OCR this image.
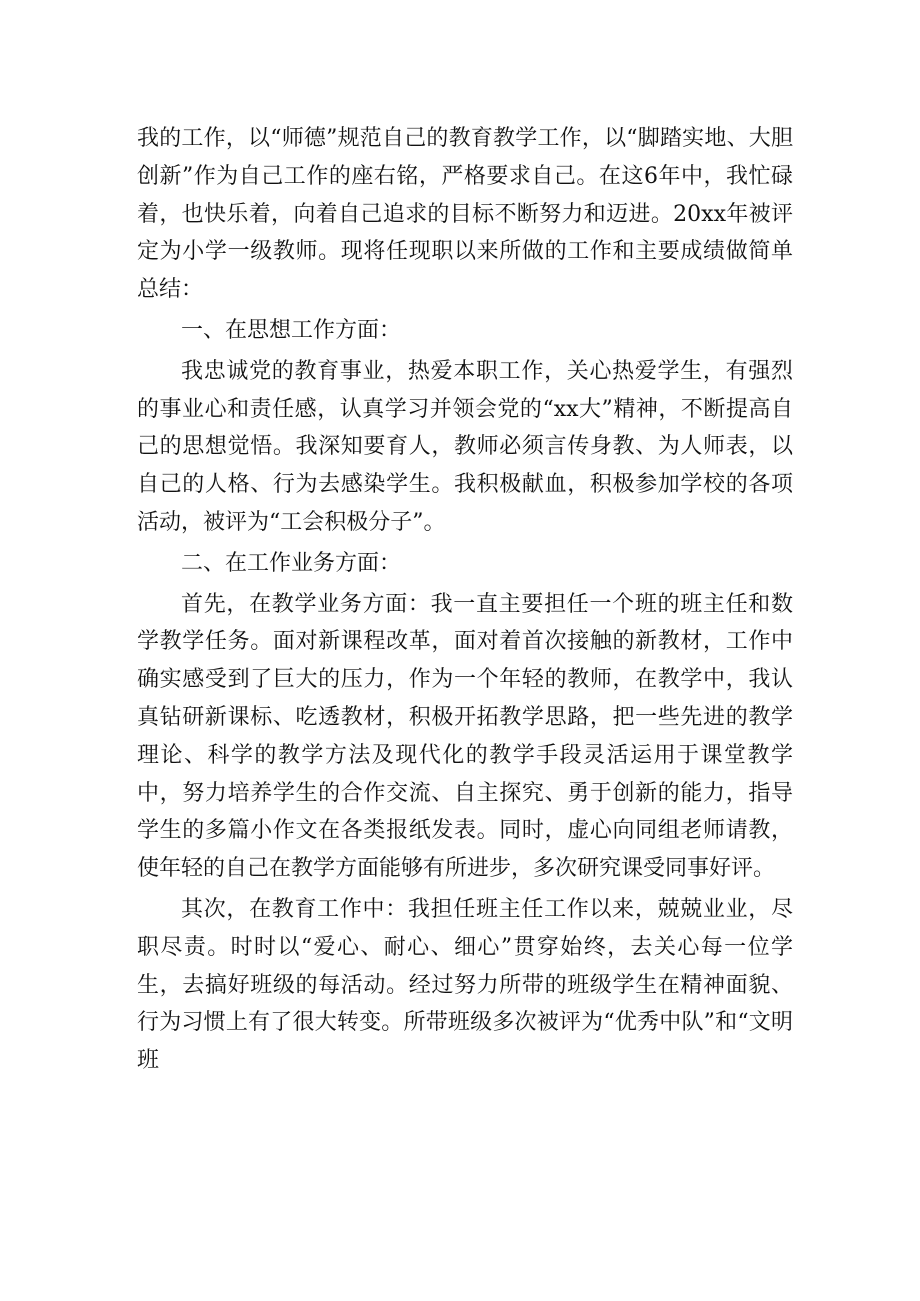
我的工作，以“师德”规范自己的教育教学工作，以“脚踏实地、大胆创新”作为自己工作的座右铭，严格要求自己。在这6年中，我忙碌着，也快乐着，向着自己追求的目标不断努力和迈进。20xx年被评定为小学一级教师。现将任现职以来所做的工作和主要成绩做简单总结：

一、在思想工作方面：

我忠诚党的教育事业，热爱本职工作，关心热爱学生，有强烈的事业心和责任感，认真学习并领会党的“xx大”精神，不断提高自己的思想觉悟。我深知要育人，教师必须言传身教、为人师表，以自己的人格、行为去感染学生。我积极献血，积极参加学校的各项活动，被评为“工会积极分子”。

二、在工作业务方面：

首先，在教学业务方面：我一直主要担任一个班的班主任和数学教学任务。面对新课程改革，面对着首次接触的新教材，工作中确实感受到了巨大的压力，作为一个年轻的教师，在教学中，我认真钻研新课标、吃透教材，积极开拓教学思路，把一些先进的教学理论、科学的教学方法及现代化的教学手段灵活运用于课堂教学中，努力培养学生的合作交流、自主探究、勇于创新的能力，指导学生的多篇小作文在各类报纸发表。同时，虚心向同组老师请教，使年轻的自己在教学方面能够有所进步，多次研究课受同事好评。

其次，在教育工作中：我担任班主任工作以来，兢兢业业，尽职尽责。时时以“爱心、耐心、细心”贯穿始终，去关心每一位学生，去搞好班级的每活动。经过努力所带的班级学生在精神面貌、行为习惯上有了很大转变。所带班级多次被评为“优秀中队”和“文明班
